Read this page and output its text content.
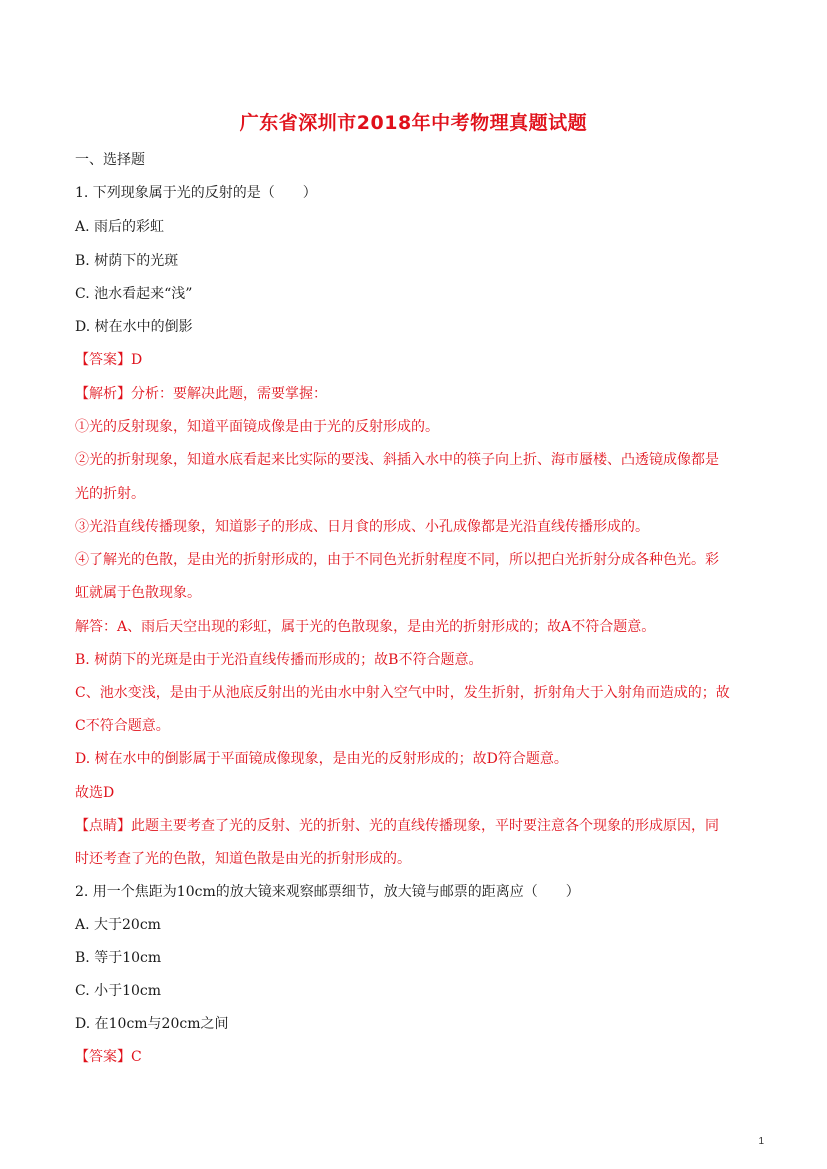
广东省深圳市2018年中考物理真题试题
一、选择题
1. 下列现象属于光的反射的是（　　）
A. 雨后的彩虹
B. 树荫下的光斑
C. 池水看起来“浅”
D. 树在水中的倒影
【答案】D
【解析】分析：要解决此题，需要掌握：
①光的反射现象，知道平面镜成像是由于光的反射形成的。
②光的折射现象，知道水底看起来比实际的要浅、斜插入水中的筷子向上折、海市蜃楼、凸透镜成像都是
光的折射。
③光沿直线传播现象，知道影子的形成、日月食的形成、小孔成像都是光沿直线传播形成的。
④了解光的色散，是由光的折射形成的，由于不同色光折射程度不同，所以把白光折射分成各种色光。彩
虹就属于色散现象。
解答：A、雨后天空出现的彩虹，属于光的色散现象，是由光的折射形成的；故A不符合题意。
B. 树荫下的光斑是由于光沿直线传播而形成的；故B不符合题意。
C、池水变浅，是由于从池底反射出的光由水中射入空气中时，发生折射，折射角大于入射角而造成的；故
C不符合题意。
D. 树在水中的倒影属于平面镜成像现象，是由光的反射形成的；故D符合题意。
故选D
【点睛】此题主要考查了光的反射、光的折射、光的直线传播现象，平时要注意各个现象的形成原因，同
时还考查了光的色散，知道色散是由光的折射形成的。
2. 用一个焦距为10cm的放大镜来观察邮票细节，放大镜与邮票的距离应（　　）
A. 大于20cm
B. 等于10cm
C. 小于10cm
D. 在10cm与20cm之间
【答案】C
1
